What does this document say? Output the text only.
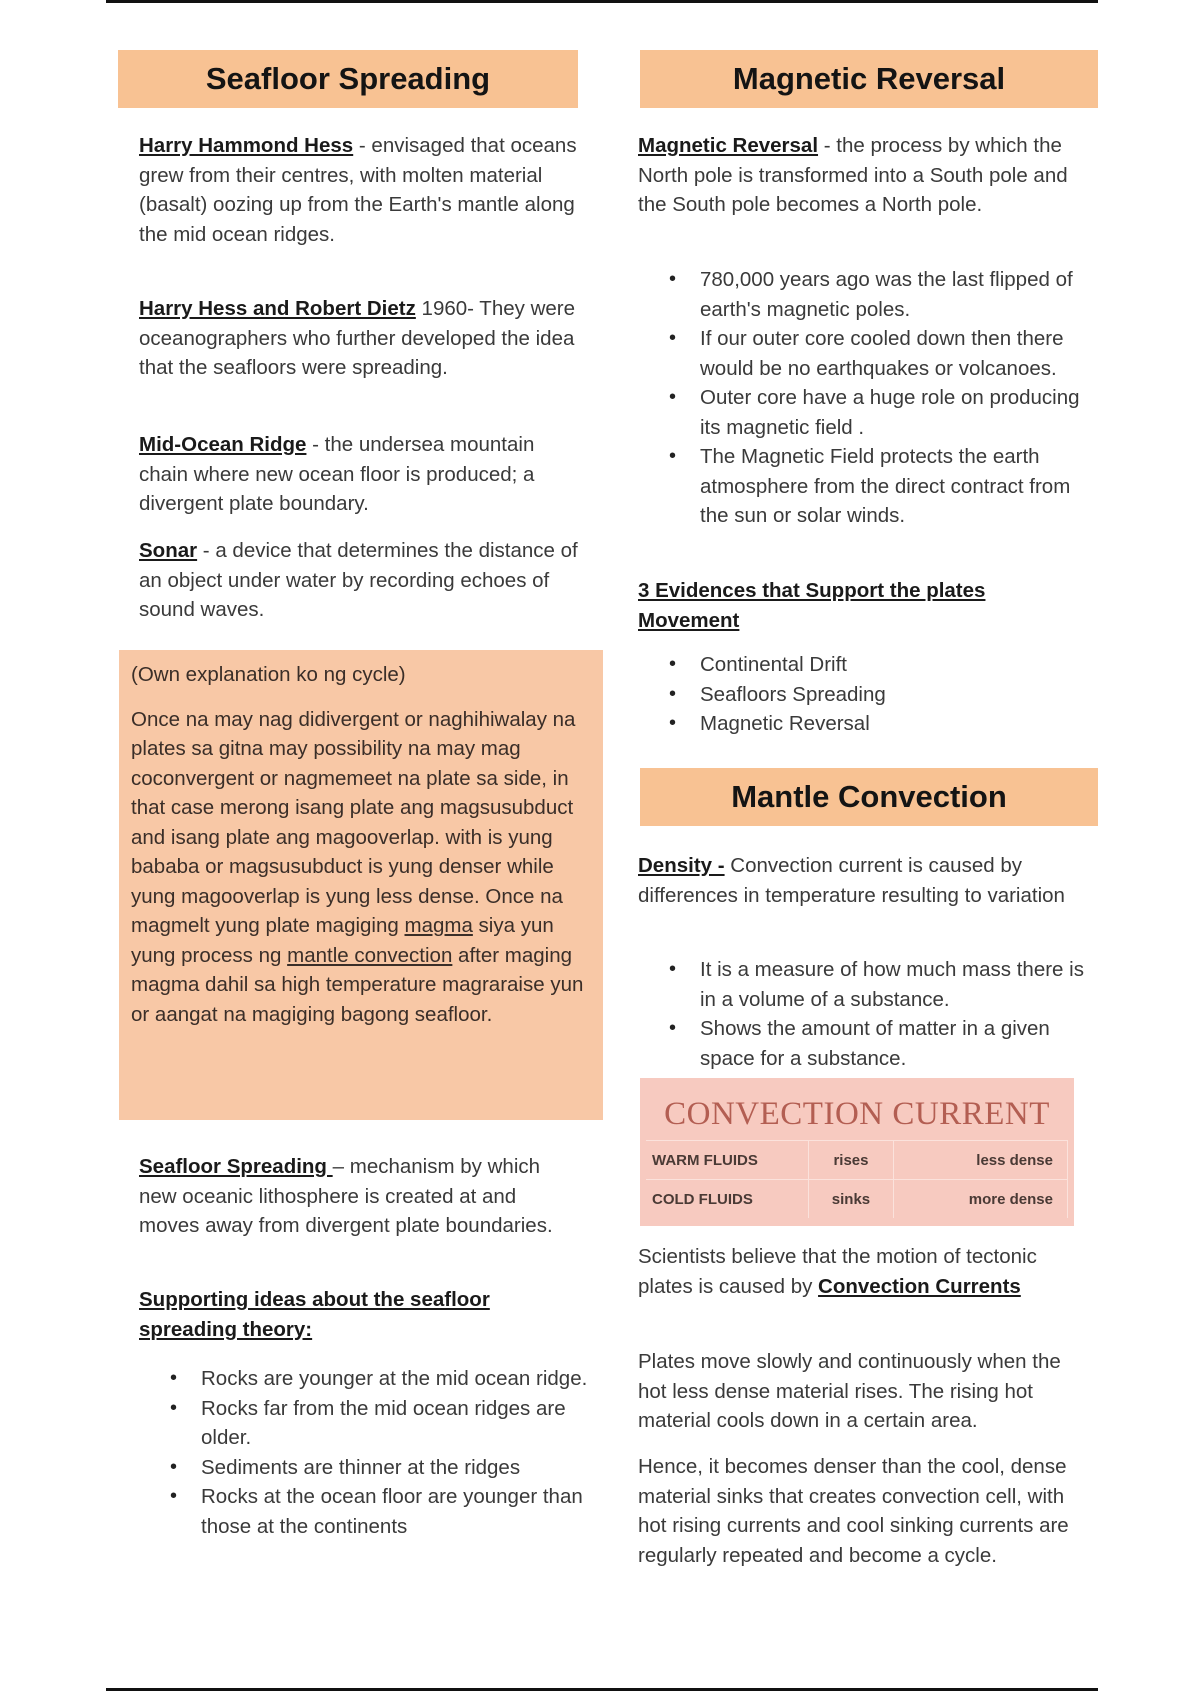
Seafloor Spreading

Harry Hammond Hess - envisaged that oceans grew from their centres, with molten material (basalt) oozing up from the Earth's mantle along the mid ocean ridges.

Harry Hess and Robert Dietz 1960- They were oceanographers who further developed the idea that the seafloors were spreading.

Mid-Ocean Ridge - the undersea mountain chain where new ocean floor is produced; a divergent plate boundary.

Sonar - a device that determines the distance of an object under water by recording echoes of sound waves.

(Own explanation ko ng cycle)

Once na may nag didivergent or naghihiwalay na plates sa gitna may possibility na may mag coconvergent or nagmemeet na plate sa side, in that case merong isang plate ang magsusubduct and isang plate ang magooverlap. with is yung bababa or magsusubduct is yung denser while yung magooverlap is yung less dense. Once na magmelt yung plate magiging magma siya yun yung process ng mantle convection after maging magma dahil sa high temperature magraraise yun or aangat na magiging bagong seafloor.

Seafloor Spreading – mechanism by which new oceanic lithosphere is created at and moves away from divergent plate boundaries.

Supporting ideas about the seafloor spreading theory:

• Rocks are younger at the mid ocean ridge.
• Rocks far from the mid ocean ridges are older.
• Sediments are thinner at the ridges
• Rocks at the ocean floor are younger than those at the continents
Magnetic Reversal

Magnetic Reversal - the process by which the North pole is transformed into a South pole and the South pole becomes a North pole.

• 780,000 years ago was the last flipped of earth's magnetic poles.
• If our outer core cooled down then there would be no earthquakes or volcanoes.
• Outer core have a huge role on producing its magnetic field .
• The Magnetic Field protects the earth atmosphere from the direct contract from the sun or solar winds.

3 Evidences that Support the plates Movement

• Continental Drift
• Seafloors Spreading
• Magnetic Reversal
Mantle Convection

Density - Convection current is caused by differences in temperature resulting to variation

• It is a measure of how much mass there is in a volume of a substance.
• Shows the amount of matter in a given space for a substance.
CONVECTION CURRENT
WARM FLUIDS	rises	less dense
COLD FLUIDS	sinks	more dense

Scientists believe that the motion of tectonic plates is caused by Convection Currents

Plates move slowly and continuously when the hot less dense material rises. The rising hot material cools down in a certain area.

Hence, it becomes denser than the cool, dense material sinks that creates convection cell, with hot rising currents and cool sinking currents are regularly repeated and become a cycle.
